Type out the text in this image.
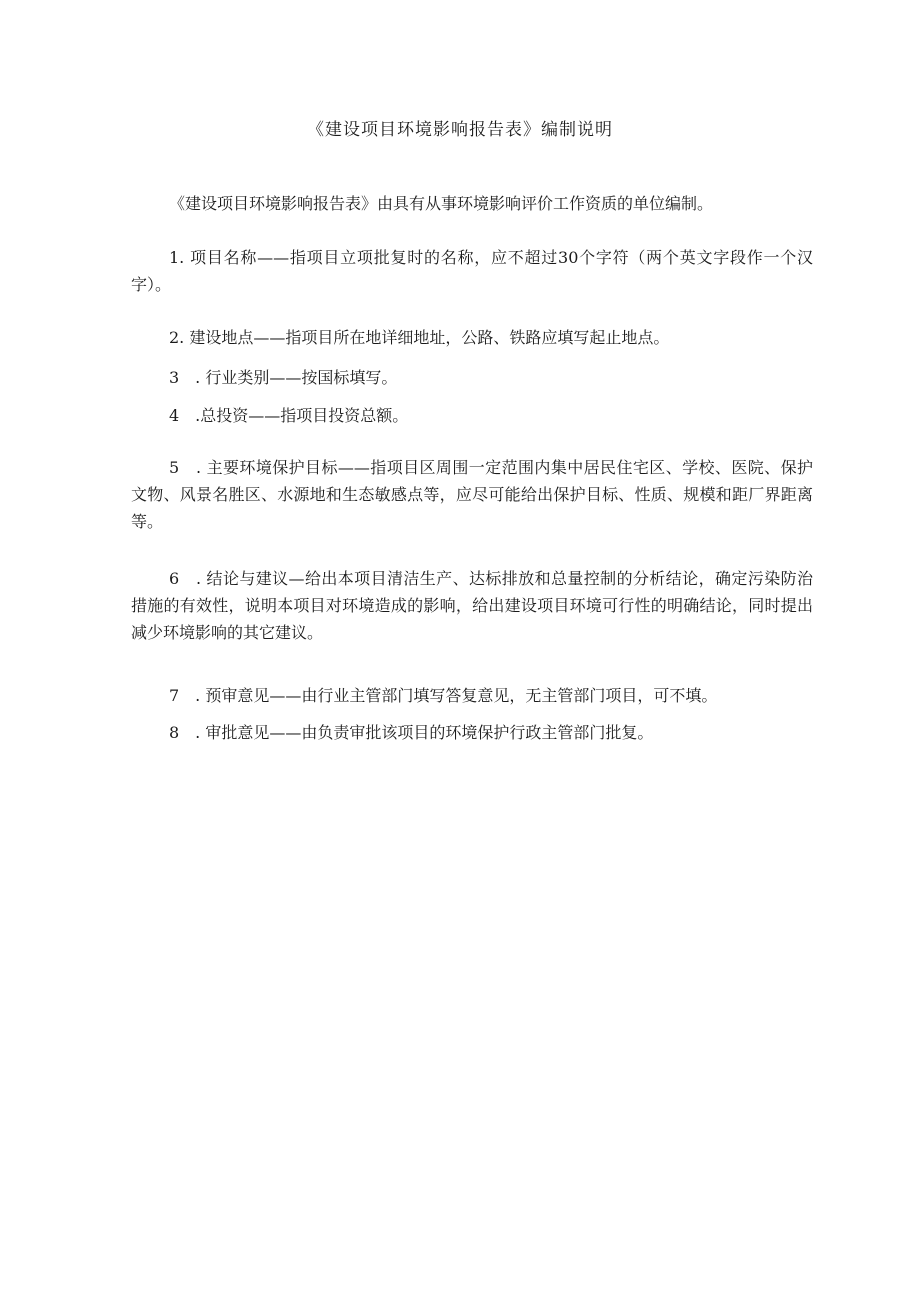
《建设项目环境影响报告表》编制说明

《建设项目环境影响报告表》由具有从事环境影响评价工作资质的单位编制。

1. 项目名称——指项目立项批复时的名称，应不超过30个字符（两个英文字段作一个汉字）。

2. 建设地点——指项目所在地详细地址，公路、铁路应填写起止地点。

3　. 行业类别——按国标填写。

4　.总投资——指项目投资总额。

5　. 主要环境保护目标——指项目区周围一定范围内集中居民住宅区、学校、医院、保护文物、风景名胜区、水源地和生态敏感点等，应尽可能给出保护目标、性质、规模和距厂界距离等。

6　. 结论与建议—给出本项目清洁生产、达标排放和总量控制的分析结论，确定污染防治措施的有效性，说明本项目对环境造成的影响，给出建设项目环境可行性的明确结论，同时提出减少环境影响的其它建议。

7　. 预审意见——由行业主管部门填写答复意见，无主管部门项目，可不填。

8　. 审批意见——由负责审批该项目的环境保护行政主管部门批复。
